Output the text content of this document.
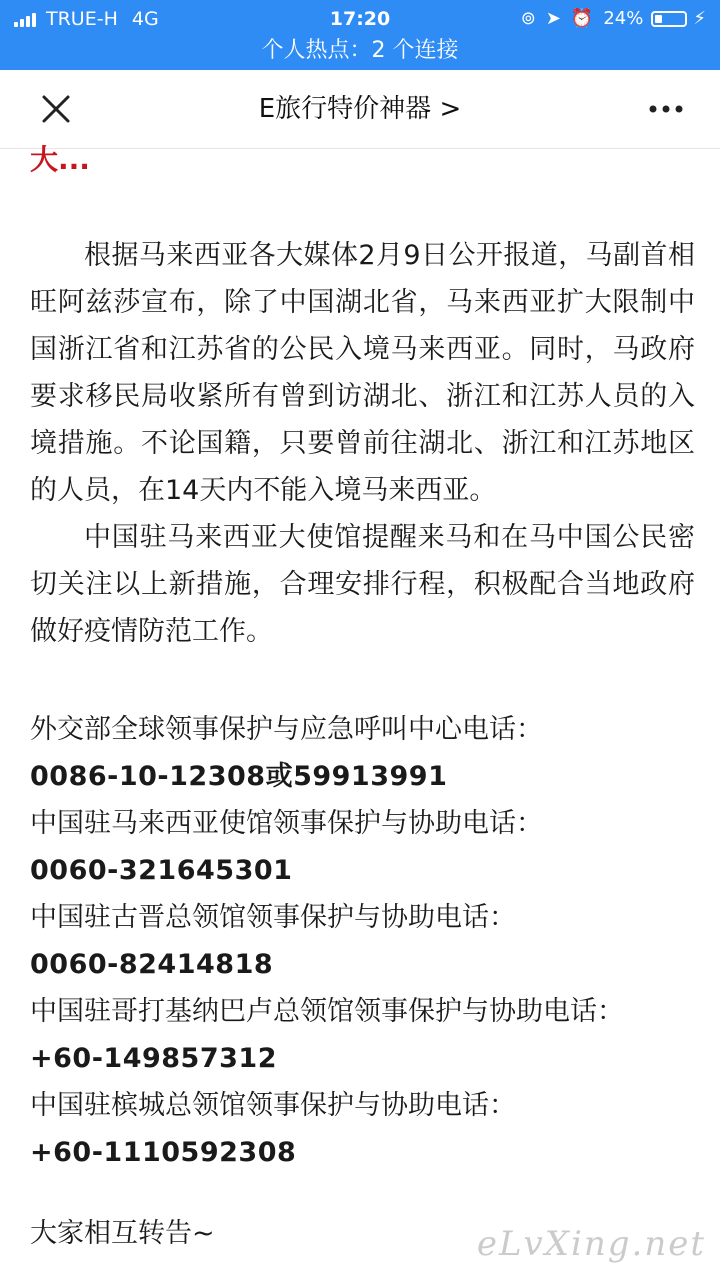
TRUE-H 4G	17:20	⊚ ➤ ⏰ 24%	⚡
个人热点：2 个连接
E旅行特价神器 >

大...

根据马来西亚各大媒体2月9日公开报道，马副首相旺阿兹莎宣布，除了中国湖北省，马来西亚扩大限制中国浙江省和江苏省的公民入境马来西亚。同时，马政府要求移民局收紧所有曾到访湖北、浙江和江苏人员的入境措施。不论国籍，只要曾前往湖北、浙江和江苏地区的人员，在14天内不能入境马来西亚。

中国驻马来西亚大使馆提醒来马和在马中国公民密切关注以上新措施，合理安排行程，积极配合当地政府做好疫情防范工作。

外交部全球领事保护与应急呼叫中心电话：

0086-10-12308或59913991

中国驻马来西亚使馆领事保护与协助电话：

0060-321645301

中国驻古晋总领馆领事保护与协助电话：

0060-82414818

中国驻哥打基纳巴卢总领馆领事保护与协助电话：

+60-149857312

中国驻槟城总领馆领事保护与协助电话：

+60-1110592308

大家相互转告~	eLvXing.net
